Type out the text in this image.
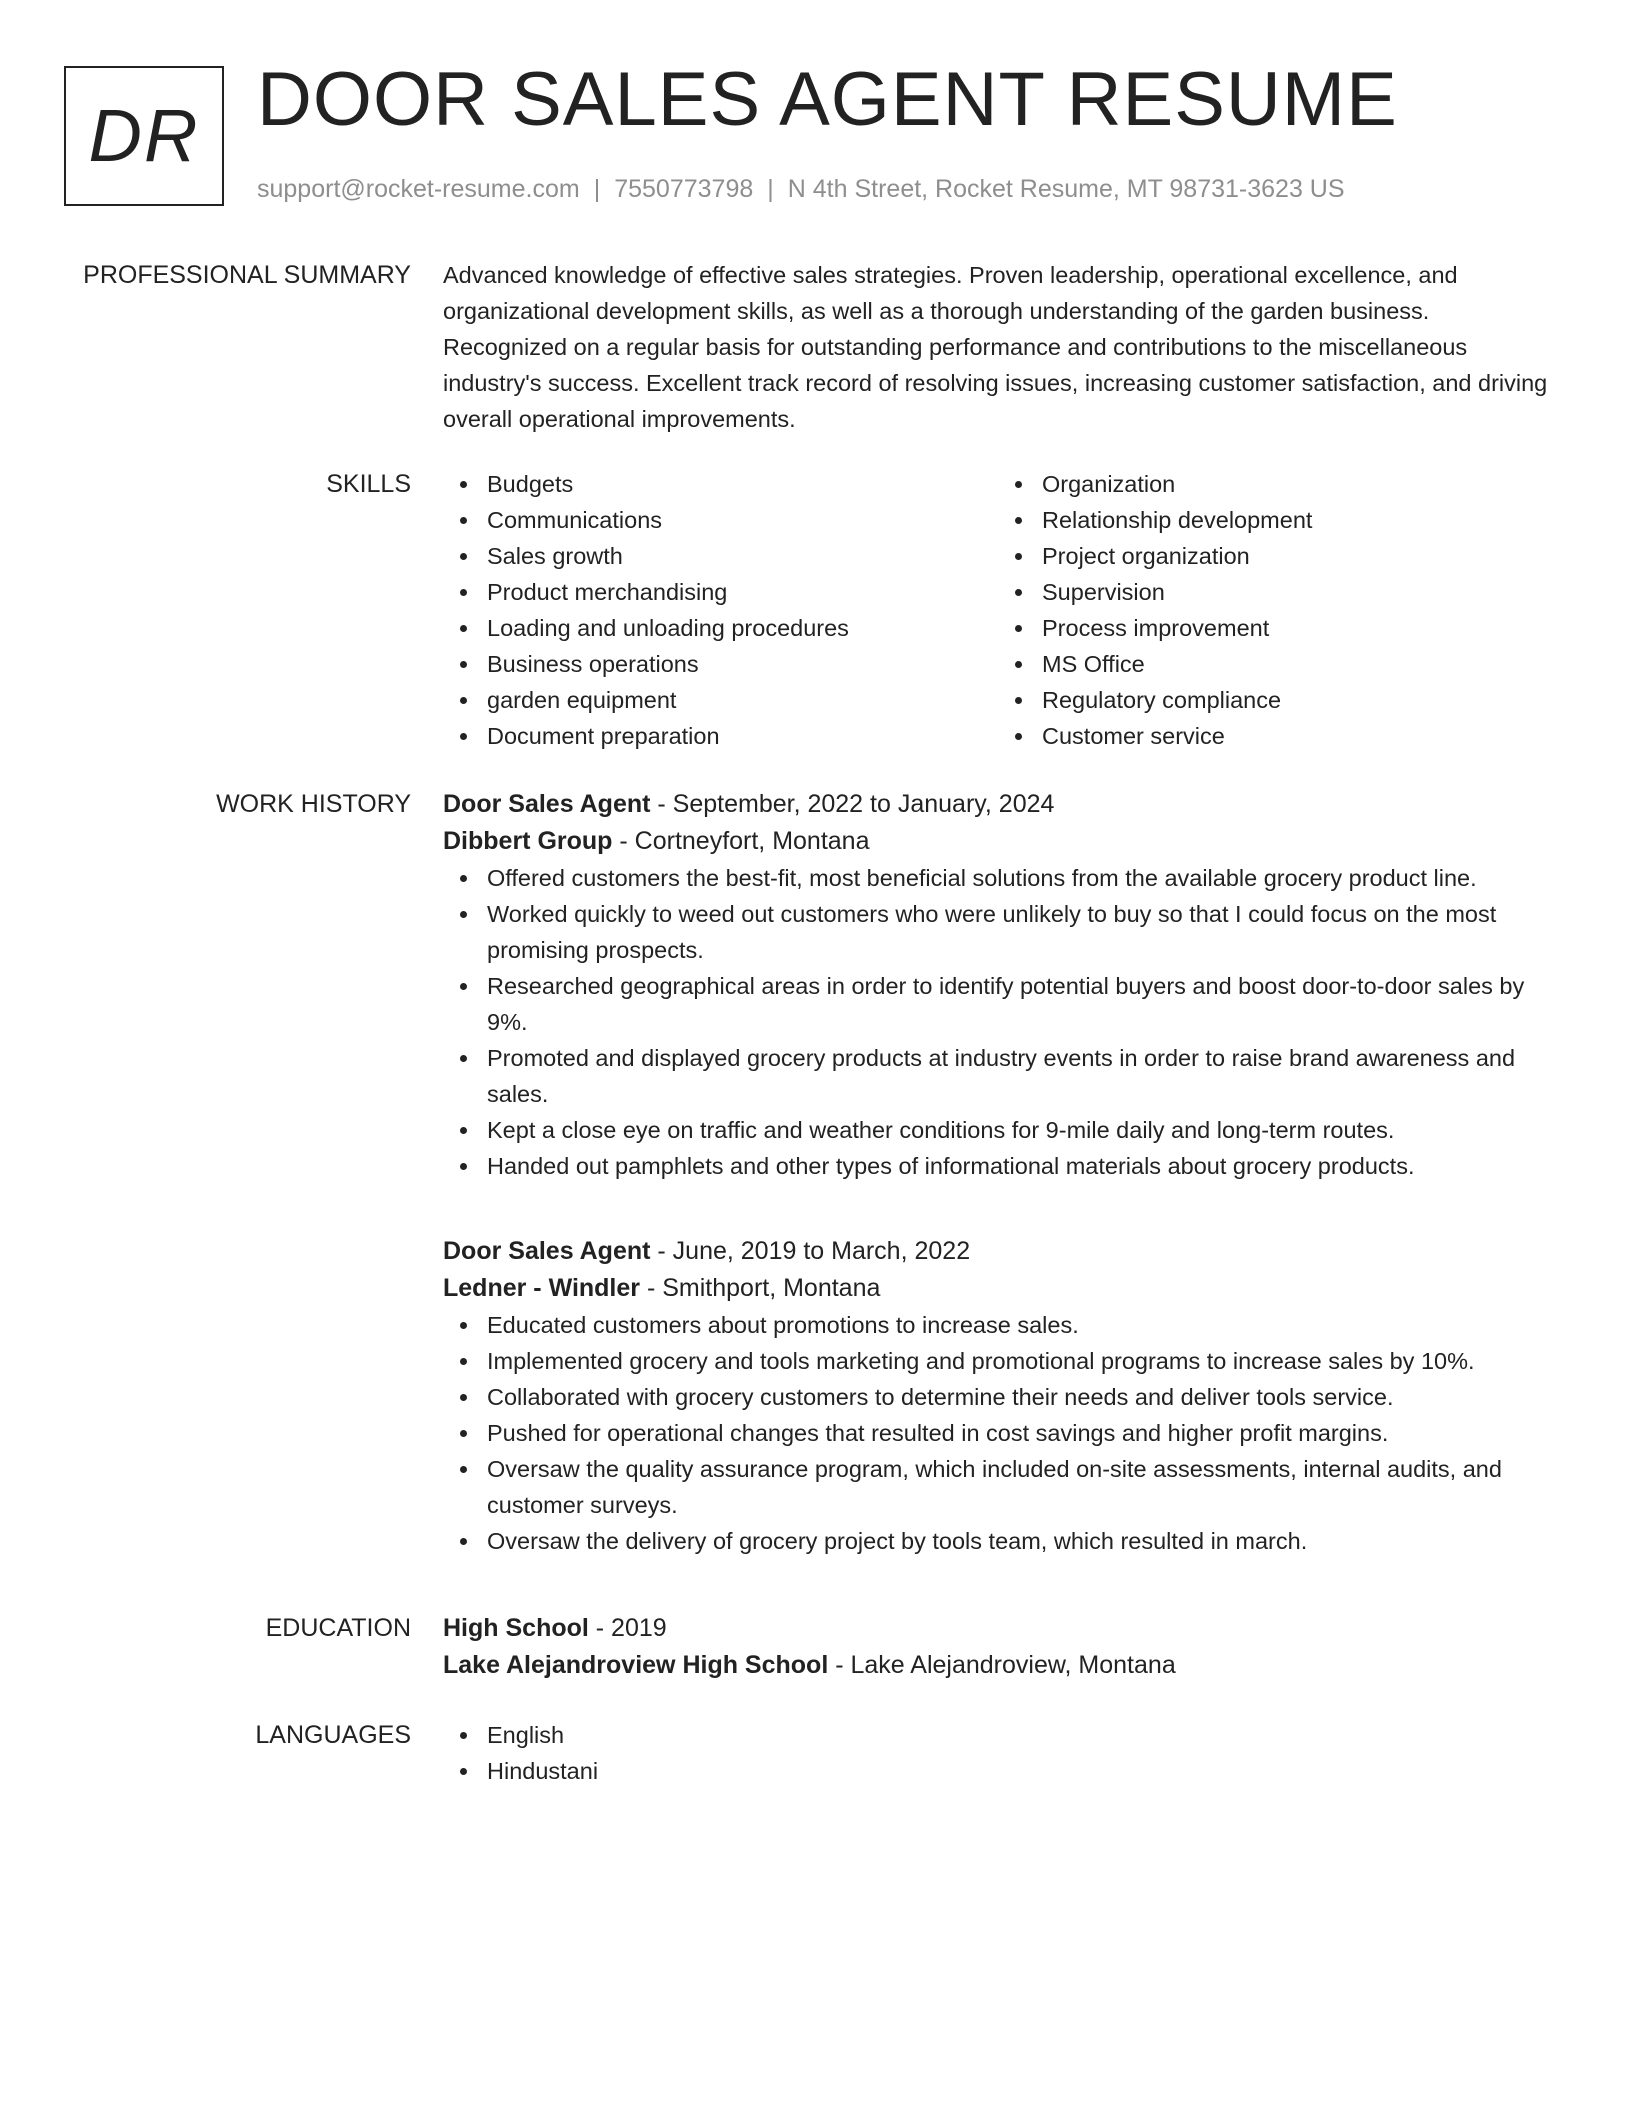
DR DOOR SALES AGENT RESUME
support@rocket-resume.com | 7550773798 | N 4th Street, Rocket Resume, MT 98731-3623 US
PROFESSIONAL SUMMARY Advanced knowledge of effective sales strategies. Proven leadership, operational excellence, and organizational development skills, as well as a thorough understanding of the garden business. Recognized on a regular basis for outstanding performance and contributions to the miscellaneous industry's success. Excellent track record of resolving issues, increasing customer satisfaction, and driving overall operational improvements.

SKILLS	Budgets
Communications
Sales growth
Product merchandising
Loading and unloading procedures
Business operations
garden equipment
Document preparation
Organization
Relationship development
Project organization
Supervision
Process improvement
MS Office
Regulatory compliance
Customer service
WORK HISTORY Door Sales Agent - September, 2022 to January, 2024
Dibbert Group - Cortneyfort, Montana
Offered customers the best-fit, most beneficial solutions from the available grocery product line.
Worked quickly to weed out customers who were unlikely to buy so that I could focus on the most promising prospects.
Researched geographical areas in order to identify potential buyers and boost door-to-door sales by 9%.
Promoted and displayed grocery products at industry events in order to raise brand awareness and sales.
Kept a close eye on traffic and weather conditions for 9-mile daily and long-term routes.
Handed out pamphlets and other types of informational materials about grocery products.
Door Sales Agent - June, 2019 to March, 2022
Ledner - Windler - Smithport, Montana
Educated customers about promotions to increase sales.
Implemented grocery and tools marketing and promotional programs to increase sales by 10%.
Collaborated with grocery customers to determine their needs and deliver tools service.
Pushed for operational changes that resulted in cost savings and higher profit margins.
Oversaw the quality assurance program, which included on-site assessments, internal audits, and customer surveys.
Oversaw the delivery of grocery project by tools team, which resulted in march.
EDUCATION High School - 2019
Lake Alejandroview High School - Lake Alejandroview, Montana
LANGUAGES	English
Hindustani
